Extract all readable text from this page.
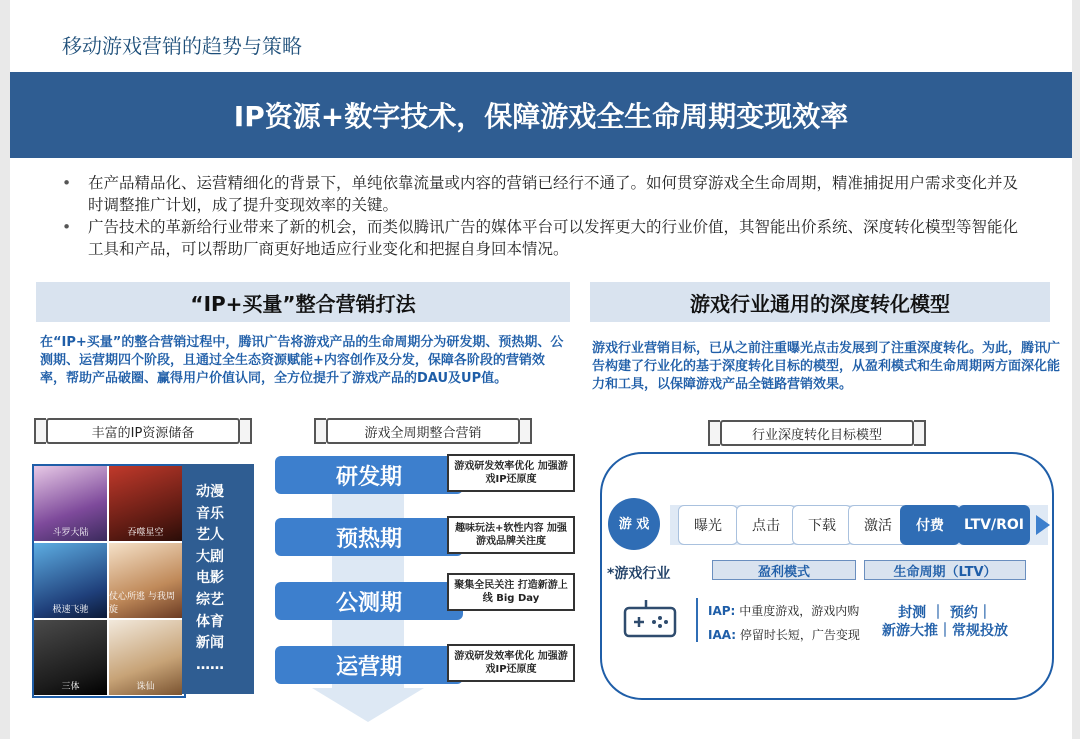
移动游戏营销的趋势与策略
IP资源+数字技术，保障游戏全生命周期变现效率
• 在产品精品化、运营精细化的背景下，单纯依靠流量或内容的营销已经行不通了。如何贯穿游戏全生命周期，精准捕捉用户需求变化并及时调整推广计划，成了提升变现效率的关键。
• 广告技术的革新给行业带来了新的机会，而类似腾讯广告的媒体平台可以发挥更大的行业价值，其智能出价系统、深度转化模型等智能化工具和产品，可以帮助厂商更好地适应行业变化和把握自身回本情况。
“IP+买量”整合营销打法
在“IP+买量”的整合营销过程中，腾讯广告将游戏产品的生命周期分为研发期、预热期、公测期、运营期四个阶段，且通过全生态资源赋能+内容创作及分发，保障各阶段的营销效率，帮助产品破圈、赢得用户价值认同，全方位提升了游戏产品的DAU及UP值。
丰富的IP资源储备	游戏全周期整合营销
斗罗大陆	吞噬星空
极速飞驰
仗心所逃 与我周旋
三体	诛仙
动漫
音乐
艺人
大剧
电影
综艺
体育
新闻
……
研发期	游戏研发效率优化 加强游戏IP还原度
预热期	趣味玩法+软性内容 加强游戏品牌关注度
公测期
聚集全民关注 打造新游上线 Big Day
运营期	游戏研发效率优化 加强游戏IP还原度
游戏行业通用的深度转化模型
游戏行业营销目标，已从之前注重曝光点击发展到了注重深度转化。为此，腾讯广告构建了行业化的基于深度转化目标的模型，从盈利模式和生命周期两方面深化能力和工具，以保障游戏产品全链路营销效果。
行业深度转化目标模型
游 戏	曝光	点击	下载	激活	付费	LTV/ROI
*游戏行业	盈利模式	生命周期（LTV）
IAP: 中重度游戏，游戏内购
IAA: 停留时长短，广告变现
封测 ｜ 预约｜
新游大推｜常规投放
